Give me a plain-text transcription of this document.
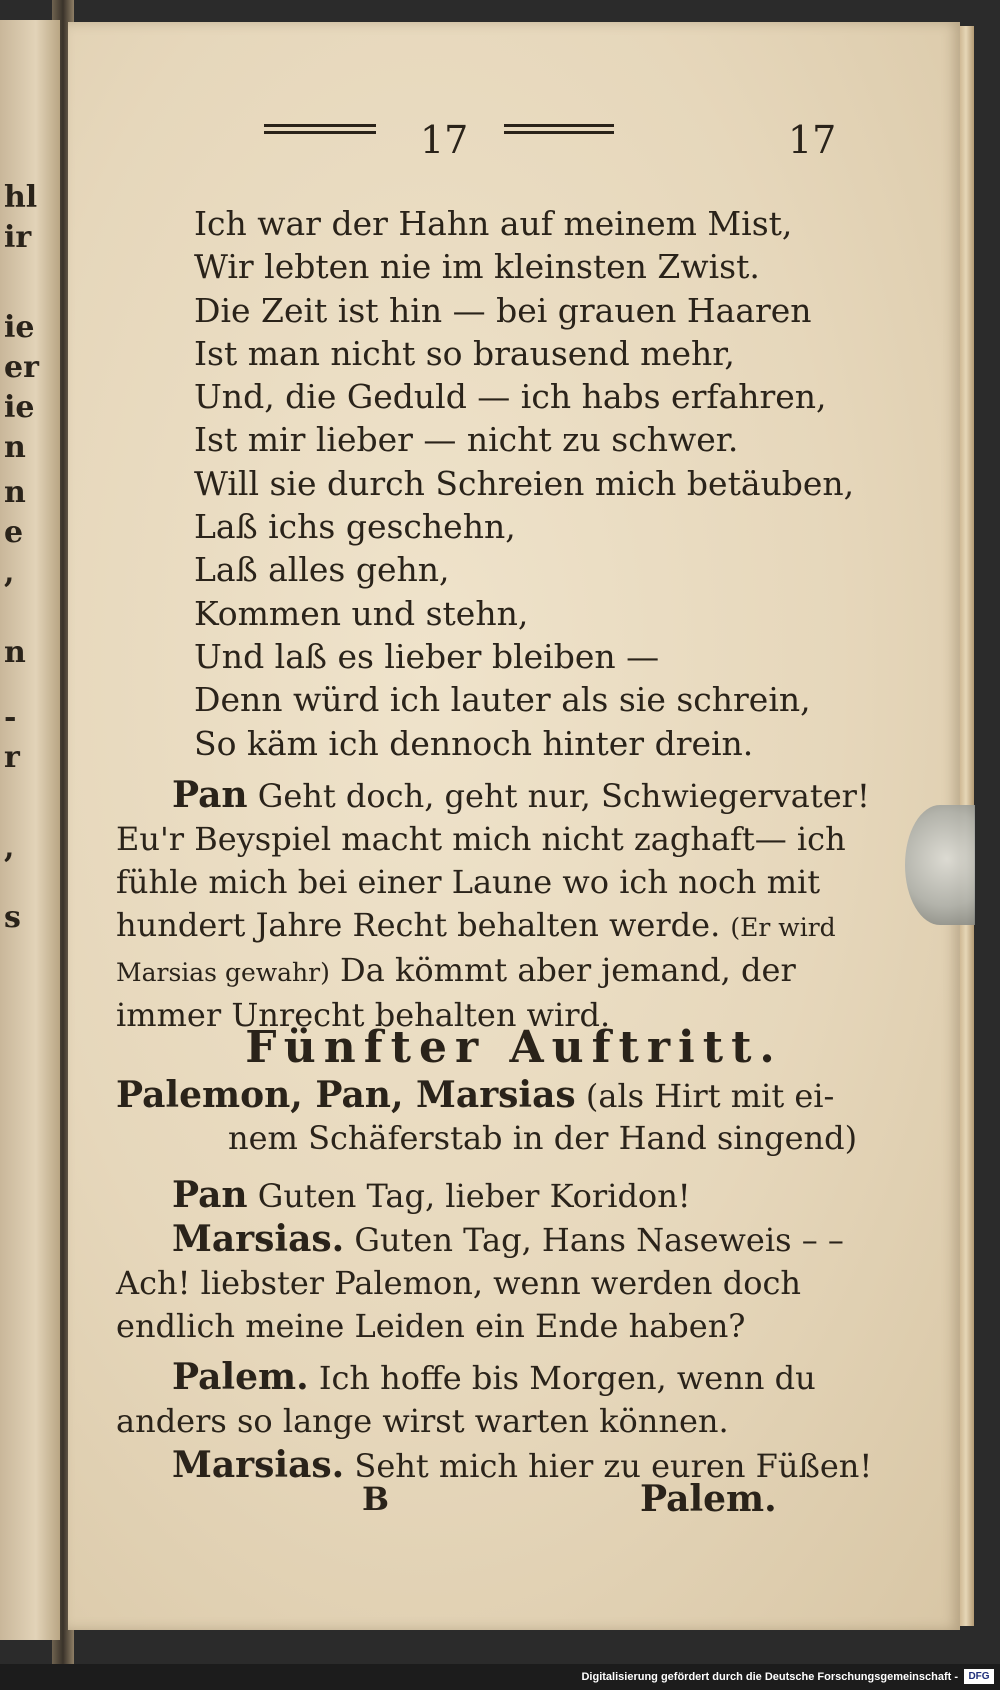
hl
ir
ie
er
ie
n
n
e
,
n
-
r
,
s
17	17
Ich war der Hahn auf meinem Mist,
Wir lebten nie im kleinsten Zwist.
Die Zeit ist hin — bei grauen Haaren
Ist man nicht so brausend mehr,
Und, die Geduld — ich habs erfahren,
Ist mir lieber — nicht zu schwer.
Will sie durch Schreien mich betäuben,
Laß ichs geschehn,
Laß alles gehn,
Kommen und stehn,
Und laß es lieber bleiben —
Denn würd ich lauter als sie schrein,
So käm ich dennoch hinter drein.
Pan Geht doch, geht nur, Schwiegervater! Eu'r Beyspiel macht mich nicht zaghaft— ich fühle mich bei einer Laune wo ich noch mit hundert Jahre Recht behalten werde. (Er wird Marsias gewahr) Da kömmt aber jemand, der immer Unrecht behalten wird.
Fünfter Auftritt.
Palemon, Pan, Marsias (als Hirt mit ei-
nem Schäferstab in der Hand singend)
Pan Guten Tag, lieber Koridon!
Marsias. Guten Tag, Hans Naseweis – – Ach! liebster Palemon, wenn werden doch endlich meine Leiden ein Ende haben?
Palem. Ich hoffe bis Morgen, wenn du anders so lange wirst warten können.
Marsias. Seht mich hier zu euren Füßen!
B	Palem.
Digitalisierung gefördert durch die Deutsche Forschungsgemeinschaft -	DFG
